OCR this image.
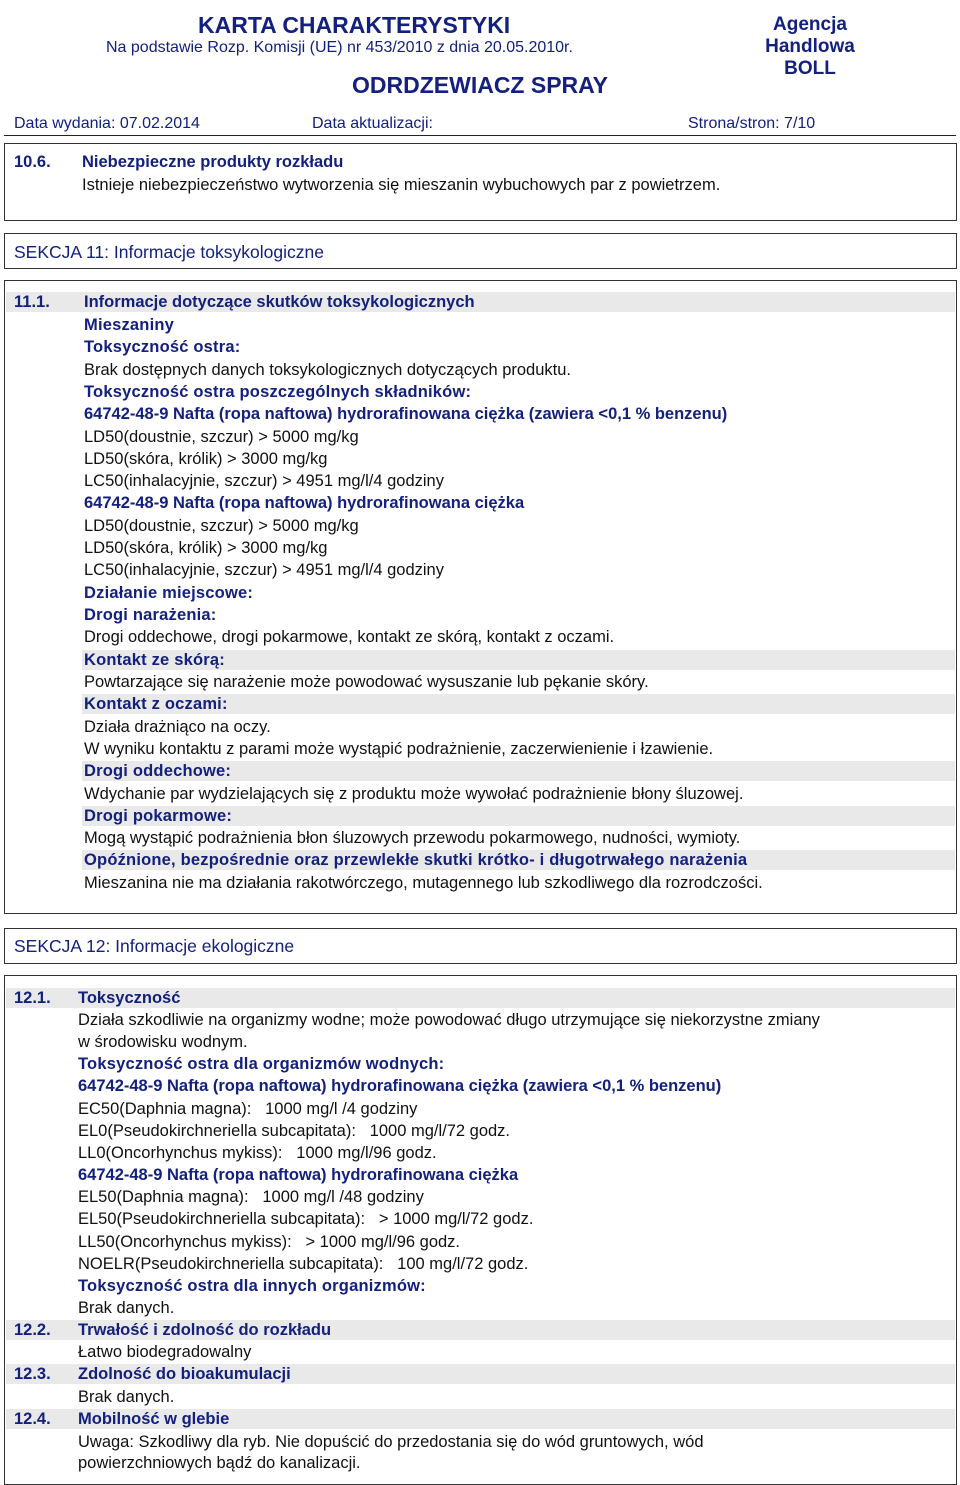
KARTA CHARAKTERYSTYKI
Na podstawie Rozp. Komisji (UE) nr 453/2010 z dnia 20.05.2010r.
Agencja Handlowa
BOLL
ODRDZEWIACZ SPRAY
Data wydania: 07.02.2014	Data aktualizacji:	Strona/stron: 7/10
10.6. Niebezpieczne produkty rozkładu
Istnieje niebezpieczeństwo wytworzenia się mieszanin wybuchowych par z powietrzem.
SEKCJA 11: Informacje toksykologiczne
11.1. Informacje dotyczące skutków toksykologicznych
Mieszaniny
Toksyczność ostra:
Brak dostępnych danych toksykologicznych dotyczących produktu.
Toksyczność ostra poszczególnych składników:
64742-48-9 Nafta (ropa naftowa) hydrorafinowana ciężka (zawiera <0,1 % benzenu)
LD50(doustnie, szczur) > 5000 mg/kg
LD50(skóra, królik) > 3000 mg/kg
LC50(inhalacyjnie, szczur) > 4951 mg/l/4 godziny
64742-48-9 Nafta (ropa naftowa) hydrorafinowana ciężka
LD50(doustnie, szczur) > 5000 mg/kg
LD50(skóra, królik) > 3000 mg/kg
LC50(inhalacyjnie, szczur) > 4951 mg/l/4 godziny
Działanie miejscowe:
Drogi narażenia:
Drogi oddechowe, drogi pokarmowe, kontakt ze skórą, kontakt z oczami.
Kontakt ze skórą:
Powtarzające się narażenie może powodować wysuszanie lub pękanie skóry.
Kontakt z oczami:
Działa drażniąco na oczy.
W wyniku kontaktu z parami może wystąpić podrażnienie, zaczerwienienie i łzawienie.
Drogi oddechowe:
Wdychanie par wydzielających się z produktu może wywołać podrażnienie błony śluzowej.
Drogi pokarmowe:
Mogą wystąpić podrażnienia błon śluzowych przewodu pokarmowego, nudności, wymioty.
Opóźnione, bezpośrednie oraz przewlekłe skutki krótko- i długotrwałego narażenia
Mieszanina nie ma działania rakotwórczego, mutagennego lub szkodliwego dla rozrodczości.
SEKCJA 12: Informacje ekologiczne
12.1. Toksyczność
Działa szkodliwie na organizmy wodne; może powodować długo utrzymujące się niekorzystne zmiany
w środowisku wodnym.
Toksyczność ostra dla organizmów wodnych:
64742-48-9 Nafta (ropa naftowa) hydrorafinowana ciężka (zawiera <0,1 % benzenu)
EC50(Daphnia magna): 1000 mg/l /4 godziny
EL0(Pseudokirchneriella subcapitata): 1000 mg/l/72 godz.
LL0(Oncorhynchus mykiss): 1000 mg/l/96 godz.
64742-48-9 Nafta (ropa naftowa) hydrorafinowana ciężka
EL50(Daphnia magna): 1000 mg/l /48 godziny
EL50(Pseudokirchneriella subcapitata): > 1000 mg/l/72 godz.
LL50(Oncorhynchus mykiss): > 1000 mg/l/96 godz.
NOELR(Pseudokirchneriella subcapitata): 100 mg/l/72 godz.
Toksyczność ostra dla innych organizmów:
Brak danych.
12.2. Trwałość i zdolność do rozkładu
Łatwo biodegradowalny
12.3. Zdolność do bioakumulacji
Brak danych.
12.4. Mobilność w glebie
Uwaga: Szkodliwy dla ryb. Nie dopuścić do przedostania się do wód gruntowych, wód
powierzchniowych bądź do kanalizacji.
